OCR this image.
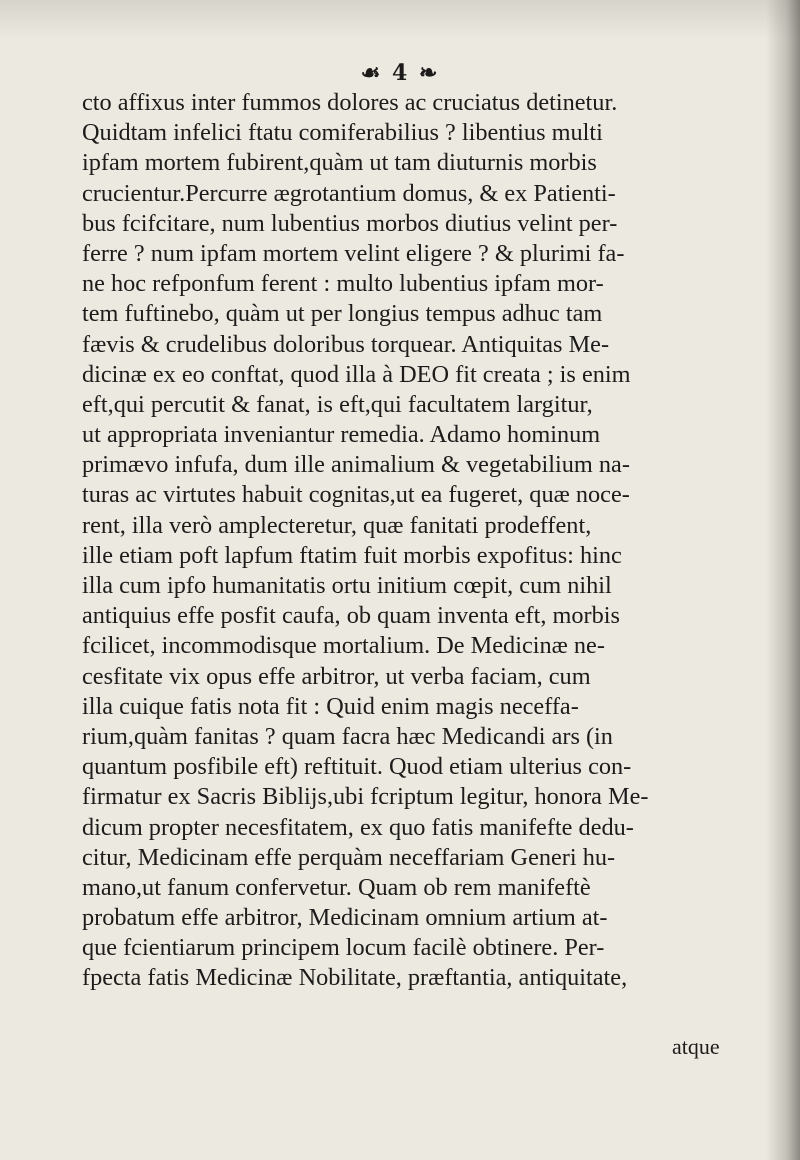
☙ 4 ❧
cto affixus inter fummos dolores ac cruciatus detinetur.
Quidtam infelici ftatu comiferabilius ? libentius multi
ipfam mortem fubirent,quàm ut tam diuturnis morbis
crucientur.Percurre ægrotantium domus, & ex Patienti-
bus fcifcitare, num lubentius morbos diutius velint per-
ferre ? num ipfam mortem velint eligere ? & plurimi fa-
ne hoc refponfum ferent : multo lubentius ipfam mor-
tem fuftinebo, quàm ut per longius tempus adhuc tam
fævis & crudelibus doloribus torquear. Antiquitas Me-
dicinæ ex eo conftat, quod illa à DEO fit creata ; is enim
eft,qui percutit & fanat, is eft,qui facultatem largitur,
ut appropriata inveniantur remedia. Adamo hominum
primævo infufa, dum ille animalium & vegetabilium na-
turas ac virtutes habuit cognitas,ut ea fugeret, quæ noce-
rent, illa verò amplecteretur, quæ fanitati prodeffent,
ille etiam poft lapfum ftatim fuit morbis expofitus: hinc
illa cum ipfo humanitatis ortu initium cœpit, cum nihil
antiquius effe posfit caufa, ob quam inventa eft, morbis
fcilicet, incommodisque mortalium. De Medicinæ ne-
cesfitate vix opus effe arbitror, ut verba faciam, cum
illa cuique fatis nota fit : Quid enim magis neceffa-
rium,quàm fanitas ? quam facra hæc Medicandi ars (in
quantum posfibile eft) reftituit. Quod etiam ulterius con-
firmatur ex Sacris Biblijs,ubi fcriptum legitur, honora Me-
dicum propter necesfitatem, ex quo fatis manifefte dedu-
citur, Medicinam effe perquàm neceffariam Generi hu-
mano,ut fanum confervetur. Quam ob rem manifeftè
probatum effe arbitror, Medicinam omnium artium at-
que fcientiarum principem locum facilè obtinere. Per-
fpecta fatis Medicinæ Nobilitate, præftantia, antiquitate,
atque
